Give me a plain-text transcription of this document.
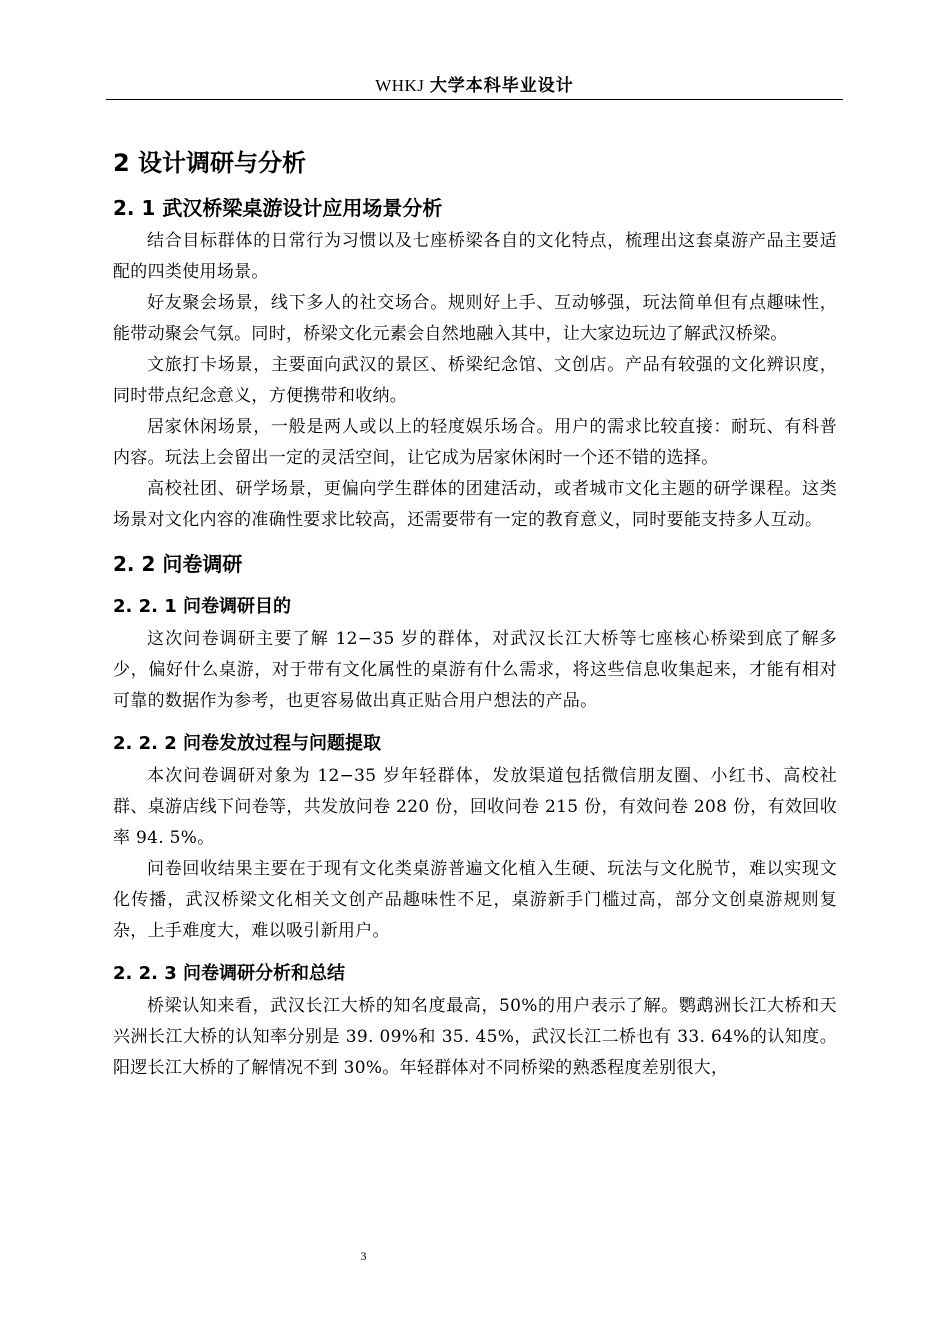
WHKJ 大学本科毕业设计
2 设计调研与分析
2. 1 武汉桥梁桌游设计应用场景分析

结合目标群体的日常行为习惯以及七座桥梁各自的文化特点，梳理出这套桌游产品主要适配的四类使用场景。

好友聚会场景，线下多人的社交场合。规则好上手、互动够强，玩法简单但有点趣味性，能带动聚会气氛。同时，桥梁文化元素会自然地融入其中，让大家边玩边了解武汉桥梁。

文旅打卡场景，主要面向武汉的景区、桥梁纪念馆、文创店。产品有较强的文化辨识度，同时带点纪念意义，方便携带和收纳。

居家休闲场景，一般是两人或以上的轻度娱乐场合。用户的需求比较直接：耐玩、有科普内容。玩法上会留出一定的灵活空间，让它成为居家休闲时一个还不错的选择。

高校社团、研学场景，更偏向学生群体的团建活动，或者城市文化主题的研学课程。这类场景对文化内容的准确性要求比较高，还需要带有一定的教育意义，同时要能支持多人互动。

2. 2 问卷调研
2. 2. 1 问卷调研目的

这次问卷调研主要了解 12−35 岁的群体，对武汉长江大桥等七座核心桥梁到底了解多少，偏好什么桌游，对于带有文化属性的桌游有什么需求，将这些信息收集起来，才能有相对可靠的数据作为参考，也更容易做出真正贴合用户想法的产品。

2. 2. 2 问卷发放过程与问题提取

本次问卷调研对象为 12−35 岁年轻群体，发放渠道包括微信朋友圈、小红书、高校社群、桌游店线下问卷等，共发放问卷 220 份，回收问卷 215 份，有效问卷 208 份，有效回收率 94. 5%。

问卷回收结果主要在于现有文化类桌游普遍文化植入生硬、玩法与文化脱节，难以实现文化传播，武汉桥梁文化相关文创产品趣味性不足，桌游新手门槛过高，部分文创桌游规则复杂，上手难度大，难以吸引新用户。

2. 2. 3 问卷调研分析和总结

桥梁认知来看，武汉长江大桥的知名度最高，50%的用户表示了解。鹦鹉洲长江大桥和天兴洲长江大桥的认知率分别是 39. 09%和 35. 45%，武汉长江二桥也有 33. 64%的认知度。阳逻长江大桥的了解情况不到 30%。年轻群体对不同桥梁的熟悉程度差别很大，

3
